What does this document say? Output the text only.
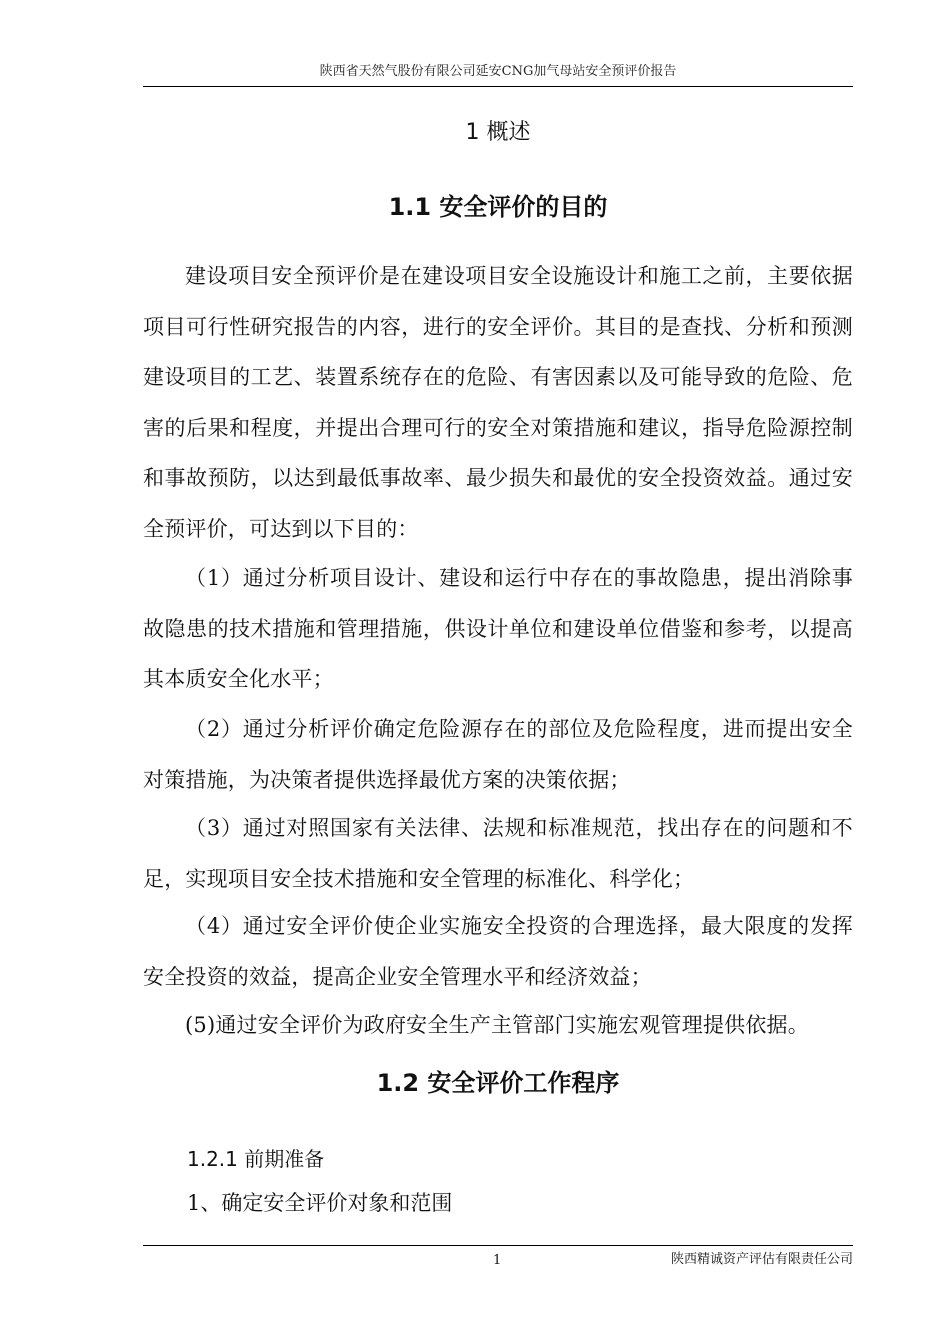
陕西省天然气股份有限公司延安CNG加气母站安全预评价报告
1 概述
1.1 安全评价的目的

建设项目安全预评价是在建设项目安全设施设计和施工之前，主要依据项目可行性研究报告的内容，进行的安全评价。其目的是查找、分析和预测建设项目的工艺、装置系统存在的危险、有害因素以及可能导致的危险、危害的后果和程度，并提出合理可行的安全对策措施和建议，指导危险源控制和事故预防，以达到最低事故率、最少损失和最优的安全投资效益。通过安全预评价，可达到以下目的：

（1）通过分析项目设计、建设和运行中存在的事故隐患，提出消除事故隐患的技术措施和管理措施，供设计单位和建设单位借鉴和参考，以提高其本质安全化水平；

（2）通过分析评价确定危险源存在的部位及危险程度，进而提出安全对策措施，为决策者提供选择最优方案的决策依据；

（3）通过对照国家有关法律、法规和标准规范，找出存在的问题和不足，实现项目安全技术措施和安全管理的标准化、科学化；

（4）通过安全评价使企业实施安全投资的合理选择，最大限度的发挥安全投资的效益，提高企业安全管理水平和经济效益；

(5)通过安全评价为政府安全生产主管部门实施宏观管理提供依据。

1.2 安全评价工作程序
1.2.1 前期准备
1、确定安全评价对象和范围
1	陕西精诚资产评估有限责任公司
